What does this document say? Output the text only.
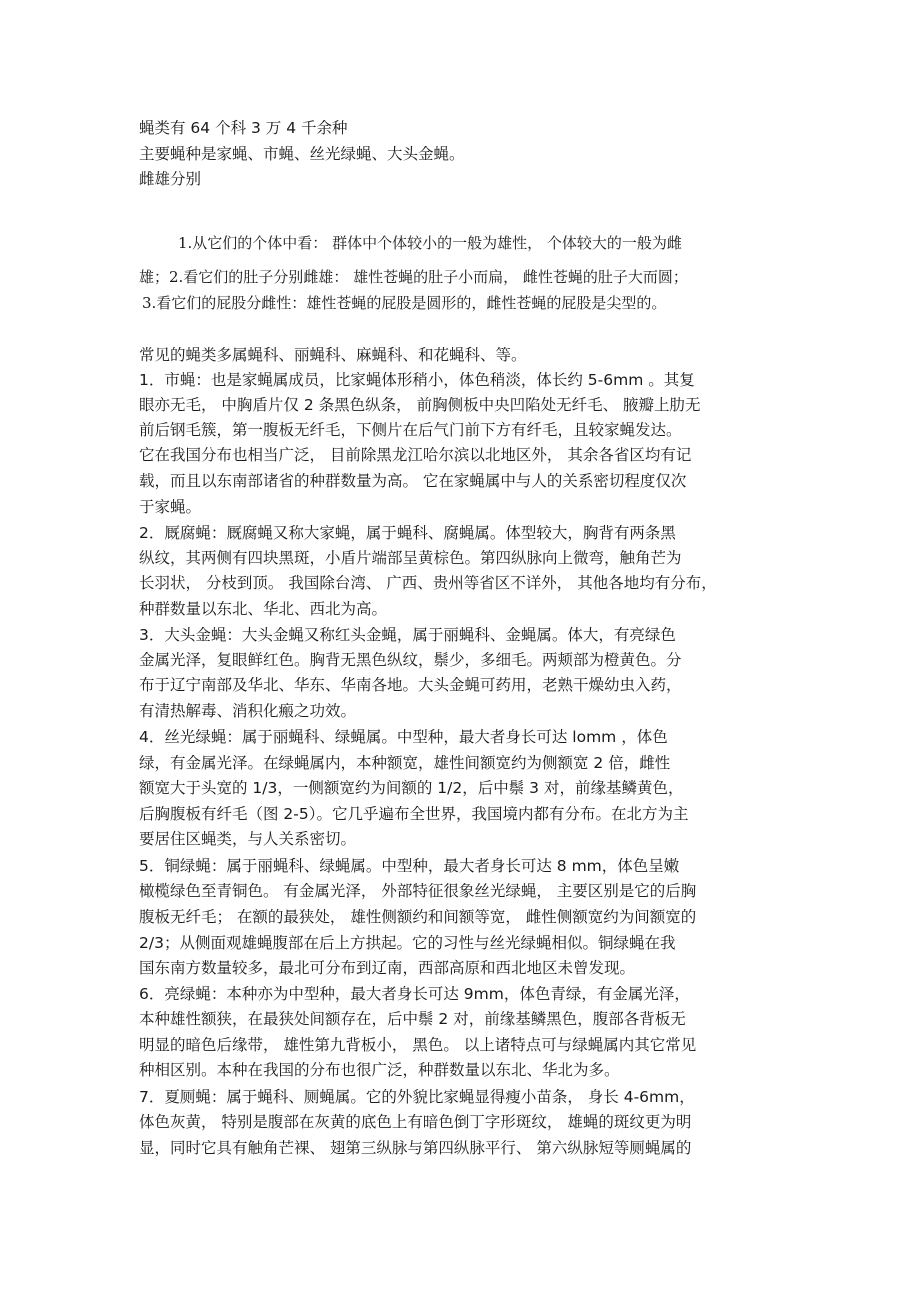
蝇类有 64 个科 3 万 4 千余种
主要蝇种是家蝇、市蝇、丝光绿蝇、大头金蝇。
雌雄分别
1.从它们的个体中看： 群体中个体较小的一般为雄性， 个体较大的一般为雌
雄；2.看它们的肚子分别雌雄： 雄性苍蝇的肚子小而扁， 雌性苍蝇的肚子大而圆；
3.看它们的屁股分雌性：雄性苍蝇的屁股是圆形的，雌性苍蝇的屁股是尖型的。
常见的蝇类多属蝇科、丽蝇科、麻蝇科、和花蝇科、等。
1．市蝇：也是家蝇属成员，比家蝇体形稍小，体色稍淡，体长约 5-6mm 。其复
眼亦无毛， 中胸盾片仅 2 条黑色纵条， 前胸侧板中央凹陷处无纤毛、 腋瓣上肋无
前后钢毛簇，第一腹板无纤毛，下侧片在后气门前下方有纤毛，且较家蝇发达。
它在我国分布也相当广泛， 目前除黑龙江哈尔滨以北地区外， 其余各省区均有记
载，而且以东南部诸省的种群数量为高。 它在家蝇属中与人的关系密切程度仅次
于家蝇。
2．厩腐蝇：厩腐蝇又称大家蝇，属于蝇科、腐蝇属。体型较大，胸背有两条黑
纵纹，其两侧有四块黑斑，小盾片端部呈黄棕色。第四纵脉向上微弯，触角芒为
长羽状， 分枝到顶。 我国除台湾、 广西、贵州等省区不详外， 其他各地均有分布，
种群数量以东北、华北、西北为高。
3．大头金蝇：大头金蝇又称红头金蝇，属于丽蝇科、金蝇属。体大，有亮绿色
金属光泽，复眼鲜红色。胸背无黑色纵纹，鬃少，多细毛。两颊部为橙黄色。分
布于辽宁南部及华北、华东、华南各地。大头金蝇可药用，老熟干燥幼虫入药，
有清热解毒、消积化瘢之功效。
4．丝光绿蝇：属于丽蝇科、绿蝇属。中型种，最大者身长可达 lomm ，体色
绿，有金属光泽。在绿蝇属内，本种额宽，雄性间额宽约为侧额宽 2 倍，雌性
额宽大于头宽的 1/3，一侧额宽约为间额的 1/2，后中鬃 3 对，前缘基鳞黄色，
后胸腹板有纤毛（图 2-5）。它几乎遍布全世界，我国境内都有分布。在北方为主
要居住区蝇类，与人关系密切。
5．铜绿蝇：属于丽蝇科、绿蝇属。中型种，最大者身长可达 8 mm，体色呈嫩
橄榄绿色至青铜色。 有金属光泽， 外部特征很象丝光绿蝇， 主要区别是它的后胸
腹板无纤毛； 在额的最狭处， 雄性侧额约和间额等宽， 雌性侧额宽约为间额宽的
2/3；从侧面观雄蝇腹部在后上方拱起。它的习性与丝光绿蝇相似。铜绿蝇在我
国东南方数量较多，最北可分布到辽南，西部高原和西北地区未曾发现。
6．亮绿蝇：本种亦为中型种，最大者身长可达 9mm，体色青绿，有金属光泽，
本种雄性额狭，在最狭处间额存在，后中鬃 2 对，前缘基鳞黑色，腹部各背板无
明显的暗色后缘带， 雄性第九背板小， 黑色。 以上诸特点可与绿蝇属内其它常见
种相区别。本种在我国的分布也很广泛，种群数量以东北、华北为多。
7．夏厕蝇：属于蝇科、厕蝇属。它的外貌比家蝇显得瘦小苗条， 身长 4-6mm，
体色灰黄， 特别是腹部在灰黄的底色上有暗色倒丁字形斑纹， 雄蝇的斑纹更为明
显，同时它具有触角芒裸、 翅第三纵脉与第四纵脉平行、 第六纵脉短等厕蝇属的
